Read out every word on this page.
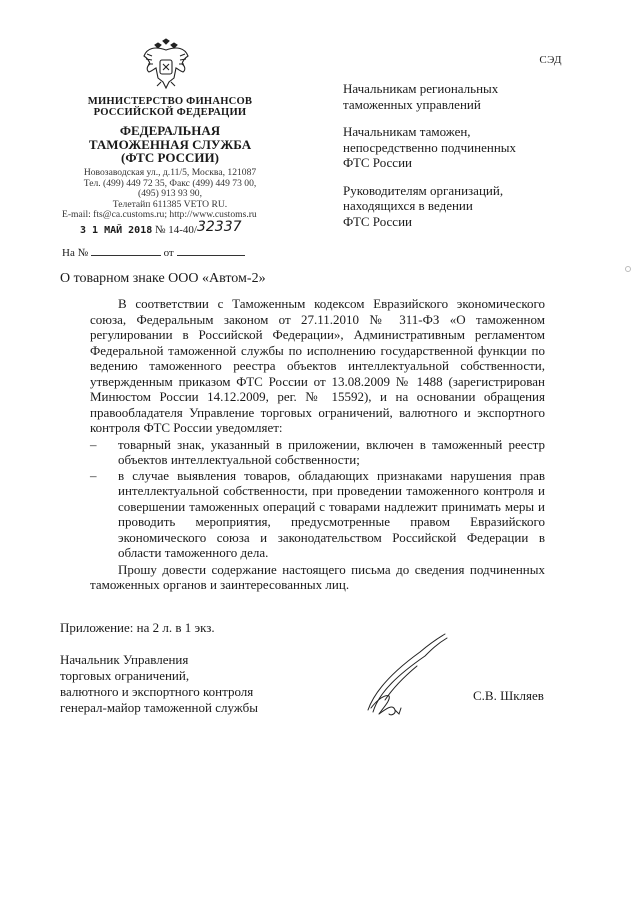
СЭД
МИНИСТЕРСТВО ФИНАНСОВ
РОССИЙСКОЙ ФЕДЕРАЦИИ
ФЕДЕРАЛЬНАЯ
ТАМОЖЕННАЯ СЛУЖБА
(ФТС РОССИИ)
Новозаводская ул., д.11/5, Москва, 121087
Тел. (499) 449 72 35, Факс (499) 449 73 00,
(495) 913 93 90,
Телетайп 611385 VETO RU.
E-mail: fts@ca.customs.ru; http://www.customs.ru
3 1 МАЙ 2018 № 14-40/32337
На №	от
Начальникам региональных
таможенных управлений
Начальникам таможен,
непосредственно подчиненных
ФТС России
Руководителям организаций,
находящихся в ведении
ФТС России
О товарном знаке ООО «Автом-2»

В соответствии с Таможенным кодексом Евразийского экономического союза, Федеральным законом от 27.11.2010 № 311-ФЗ «О таможенном регулировании в Российской Федерации», Административным регламентом Федеральной таможенной службы по исполнению государственной функции по ведению таможенного реестра объектов интеллектуальной собственности, утвержденным приказом ФТС России от 13.08.2009 № 1488 (зарегистрирован Минюстом России 14.12.2009, рег. № 15592), и на основании обращения правообладателя Управление торговых ограничений, валютного и экспортного контроля ФТС России уведомляет:

– товарный знак, указанный в приложении, включен в таможенный реестр объектов интеллектуальной собственности;

– в случае выявления товаров, обладающих признаками нарушения прав интеллектуальной собственности, при проведении таможенного контроля и совершении таможенных операций с товарами надлежит принимать меры и проводить мероприятия, предусмотренные правом Евразийского экономического союза и законодательством Российской Федерации в области таможенного дела.

Прошу довести содержание настоящего письма до сведения подчиненных таможенных органов и заинтересованных лиц.

Приложение: на 2 л. в 1 экз.
Начальник Управления
торговых ограничений,
валютного и экспортного контроля
генерал-майор таможенной службы
С.В. Шкляев
